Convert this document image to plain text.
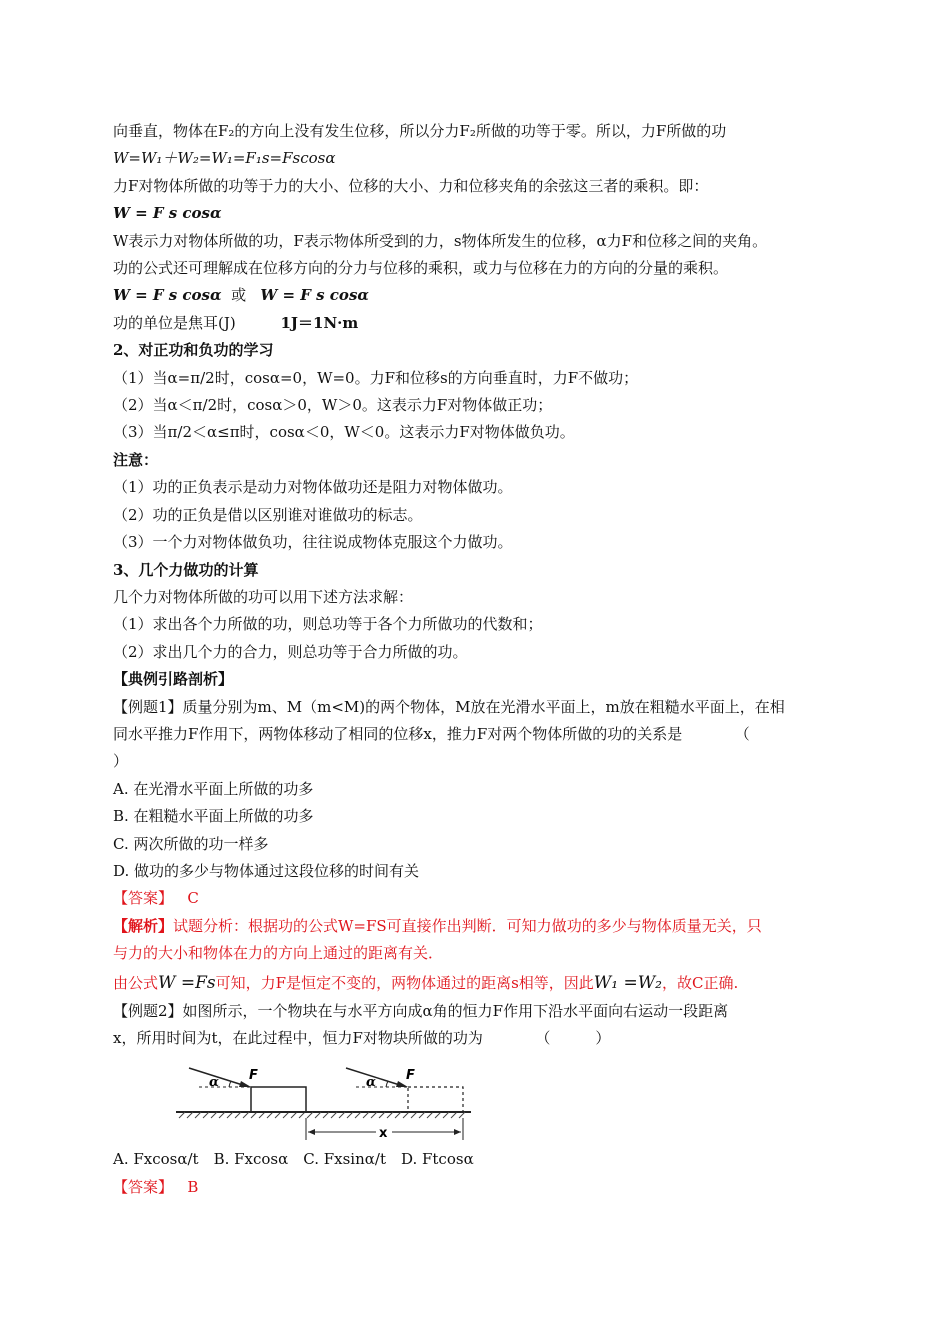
向垂直，物体在F₂的方向上没有发生位移，所以分力F₂所做的功等于零。所以，力F所做的功
W=W₁＋W₂=W₁=F₁s=Fscosα
力F对物体所做的功等于力的大小、位移的大小、力和位移夹角的余弦这三者的乘积。即：
W = F s cosα
W表示力对物体所做的功，F表示物体所受到的力，s物体所发生的位移，α力F和位移之间的夹角。
功的公式还可理解成在位移方向的分力与位移的乘积，或力与位移在力的方向的分量的乘积。
W = F s cosα 或 W = F s cosα
功的单位是焦耳(J)	1J＝1N·m
2、对正功和负功的学习
（1）当α=π/2时，cosα=0，W=0。力F和位移s的方向垂直时，力F不做功；
（2）当α＜π/2时，cosα＞0，W＞0。这表示力F对物体做正功；
（3）当π/2＜α≤π时，cosα＜0，W＜0。这表示力F对物体做负功。
注意：
（1）功的正负表示是动力对物体做功还是阻力对物体做功。
（2）功的正负是借以区别谁对谁做功的标志。
（3）一个力对物体做负功，往往说成物体克服这个力做功。
3、几个力做功的计算
几个力对物体所做的功可以用下述方法求解：
（1）求出各个力所做的功，则总功等于各个力所做功的代数和；
（2）求出几个力的合力，则总功等于合力所做的功。
【典例引路剖析】
【例题1】质量分别为m、M（m<M)的两个物体，M放在光滑水平面上，m放在粗糙水平面上，在相
同水平推力F作用下，两物体移动了相同的位移x，推力F对两个物体所做的功的关系是　　　　（
）
A. 在光滑水平面上所做的功多
B. 在粗糙水平面上所做的功多
C. 两次所做的功一样多
D. 做功的多少与物体通过这段位移的时间有关
【答案】 C
【解析】试题分析：根据功的公式W=FS可直接作出判断．可知力做功的多少与物体质量无关，只
与力的大小和物体在力的方向上通过的距离有关．
由公式W =Fs可知，力F是恒定不变的，两物体通过的距离s相等，因此W₁ =W₂，故C正确.
【例题2】如图所示，一个物块在与水平方向成α角的恒力F作用下沿水平面向右运动一段距离
x，所用时间为t，在此过程中，恒力F对物块所做的功为　　　　（　　　）
α F	α F
x
A. Fxcosα/t　B. Fxcosα　C. Fxsinα/t　D. Ftcosα
【答案】 B
